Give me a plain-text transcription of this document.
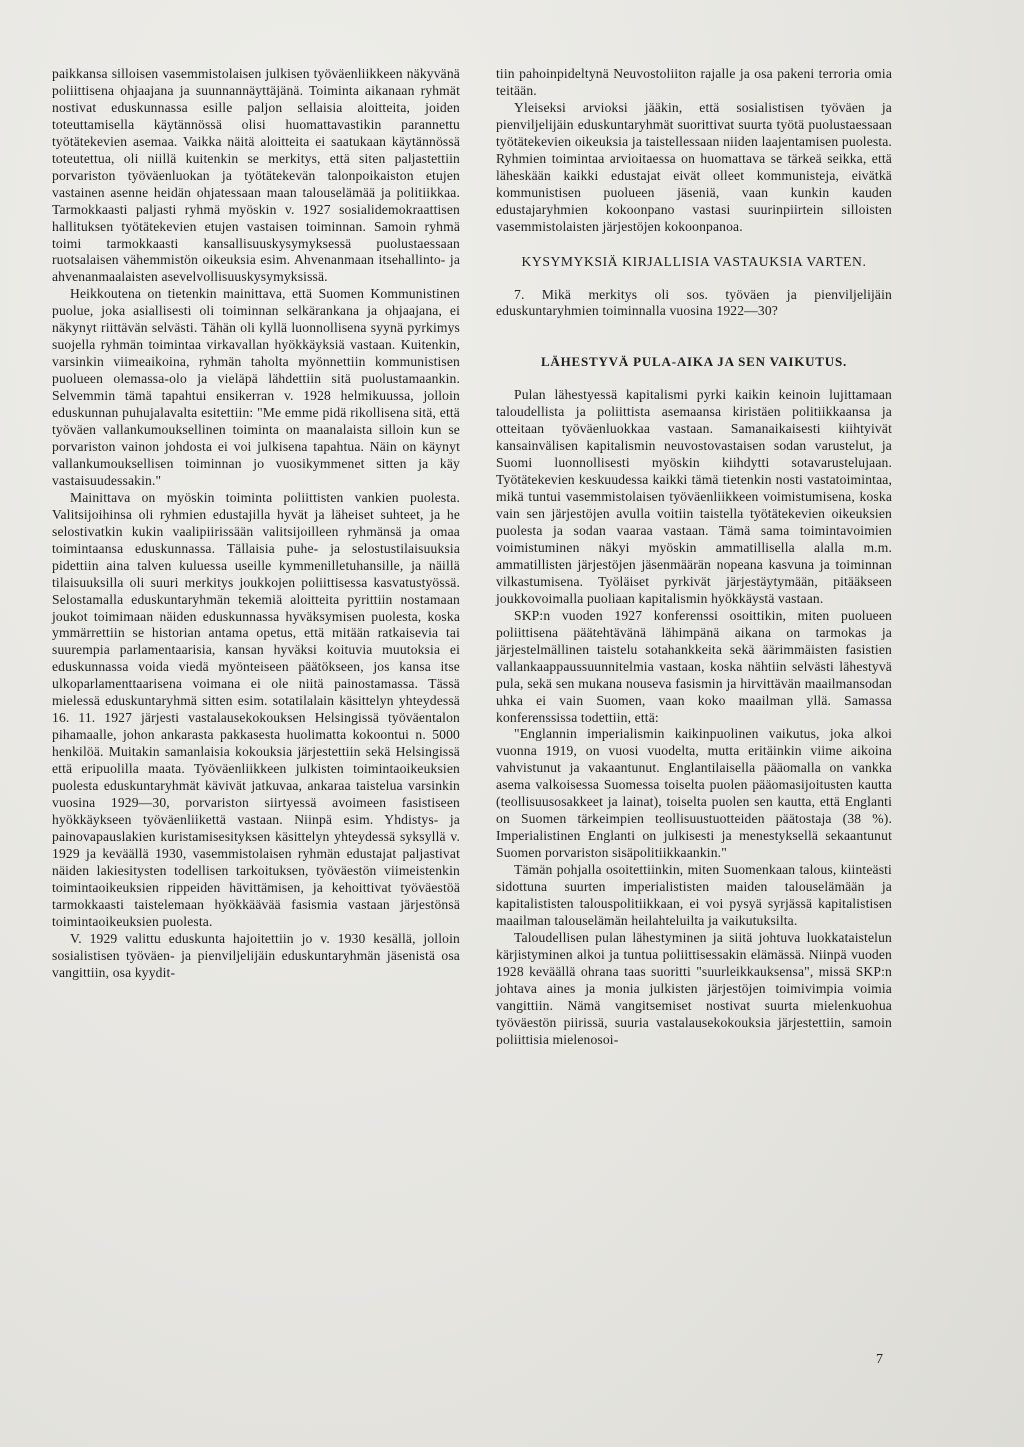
paikkansa silloisen vasemmistolaisen julkisen työväenliikkeen näkyvänä poliittisena ohjaajana ja suunnannäyttäjänä. Toiminta aikanaan ryhmät nostivat eduskunnassa esille paljon sellaisia aloitteita, joiden toteuttamisella käytännössä olisi huomattavastikin parannettu työtätekevien asemaa. Vaikka näitä aloitteita ei saatukaan käytännössä toteutettua, oli niillä kuitenkin se merkitys, että siten paljastettiin porvariston työväenluokan ja työtätekevän talonpoikaiston etujen vastainen asenne heidän ohjatessaan maan talouselämää ja politiikkaa. Tarmokkaasti paljasti ryhmä myöskin v. 1927 sosialidemokraattisen hallituksen työtätekevien etujen vastaisen toiminnan. Samoin ryhmä toimi tarmokkaasti kansallisuuskysymyksessä puolustaessaan ruotsalaisen vähemmistön oikeuksia esim. Ahvenanmaan itsehallinto- ja ahvenanmaalaisten asevelvollisuuskysymyksissä.

Heikkoutena on tietenkin mainittava, että Suomen Kommunistinen puolue, joka asiallisesti oli toiminnan selkärankana ja ohjaajana, ei näkynyt riittävän selvästi. Tähän oli kyllä luonnollisena syynä pyrkimys suojella ryhmän toimintaa virkavallan hyökkäyksiä vastaan. Kuitenkin, varsinkin viimeaikoina, ryhmän taholta myönnettiin kommunistisen puolueen olemassa-olo ja vieläpä lähdettiin sitä puolustamaankin. Selvemmin tämä tapahtui ensikerran v. 1928 helmikuussa, jolloin eduskunnan puhujalavalta esitettiin: "Me emme pidä rikollisena sitä, että työväen vallankumouksellinen toiminta on maanalaista silloin kun se porvariston vainon johdosta ei voi julkisena tapahtua. Näin on käynyt vallankumouksellisen toiminnan jo vuosikymmenet sitten ja käy vastaisuudessakin."

Mainittava on myöskin toiminta poliittisten vankien puolesta. Valitsijoihinsa oli ryhmien edustajilla hyvät ja läheiset suhteet, ja he selostivatkin kukin vaalipiirissään valitsijoilleen ryhmänsä ja omaa toimintaansa eduskunnassa. Tällaisia puhe- ja selostustilaisuuksia pidettiin aina talven kuluessa useille kymmenilletuhansille, ja näillä tilaisuuksilla oli suuri merkitys joukkojen poliittisessa kasvatustyössä. Selostamalla eduskuntaryhmän tekemiä aloitteita pyrittiin nostamaan joukot toimimaan näiden eduskunnassa hyväksymisen puolesta, koska ymmärrettiin se historian antama opetus, että mitään ratkaisevia tai suurempia parlamentaarisia, kansan hyväksi koituvia muutoksia ei eduskunnassa voida viedä myönteiseen päätökseen, jos kansa itse ulkoparlamenttaarisena voimana ei ole niitä painostamassa. Tässä mielessä eduskuntaryhmä sitten esim. sotatilalain käsittelyn yhteydessä 16. 11. 1927 järjesti vastalausekokouksen Helsingissä työväentalon pihamaalle, johon ankarasta pakkasesta huolimatta kokoontui n. 5000 henkilöä. Muitakin samanlaisia kokouksia järjestettiin sekä Helsingissä että eripuolilla maata. Työväenliikkeen julkisten toimintaoikeuksien puolesta eduskuntaryhmät kävivät jatkuvaa, ankaraa taistelua varsinkin vuosina 1929—30, porvariston siirtyessä avoimeen fasistiseen hyökkäykseen työväenliikettä vastaan. Niinpä esim. Yhdistys- ja painovapauslakien kuristamisesityksen käsittelyn yhteydessä syksyllä v. 1929 ja keväällä 1930, vasemmistolaisen ryhmän edustajat paljastivat näiden lakiesitysten todellisen tarkoituksen, työväestön viimeistenkin toimintaoikeuksien rippeiden hävittämisen, ja kehoittivat työväestöä tarmokkaasti taistelemaan hyökkäävää fasismia vastaan järjestönsä toimintaoikeuksien puolesta.

V. 1929 valittu eduskunta hajoitettiin jo v. 1930 kesällä, jolloin sosialistisen työväen- ja pienviljelijäin eduskuntaryhmän jäsenistä osa vangittiin, osa kyydit-

tiin pahoinpideltynä Neuvostoliiton rajalle ja osa pakeni terroria omia teitään.

Yleiseksi arvioksi jääkin, että sosialistisen työväen ja pienviljelijäin eduskuntaryhmät suorittivat suurta työtä puolustaessaan työtätekevien oikeuksia ja taistellessaan niiden laajentamisen puolesta. Ryhmien toimintaa arvioitaessa on huomattava se tärkeä seikka, että läheskään kaikki edustajat eivät olleet kommunisteja, eivätkä kommunistisen puolueen jäseniä, vaan kunkin kauden edustajaryhmien kokoonpano vastasi suurinpiirtein silloisten vasemmistolaisten järjestöjen kokoonpanoa.

KYSYMYKSIÄ KIRJALLISIA VASTAUKSIA VARTEN.

7. Mikä merkitys oli sos. työväen ja pienviljelijäin eduskuntaryhmien toiminnalla vuosina 1922—30?

LÄHESTYVÄ PULA-AIKA JA SEN VAIKUTUS.

Pulan lähestyessä kapitalismi pyrki kaikin keinoin lujittamaan taloudellista ja poliittista asemaansa kiristäen politiikkaansa ja otteitaan työväenluokkaa vastaan. Samanaikaisesti kiihtyivät kansainvälisen kapitalismin neuvostovastaisen sodan varustelut, ja Suomi luonnollisesti myöskin kiihdytti sotavarustelujaan. Työtätekevien keskuudessa kaikki tämä tietenkin nosti vastatoimintaa, mikä tuntui vasemmistolaisen työväenliikkeen voimistumisena, koska vain sen järjestöjen avulla voitiin taistella työtätekevien oikeuksien puolesta ja sodan vaaraa vastaan. Tämä sama toimintavoimien voimistuminen näkyi myöskin ammatillisella alalla m.m. ammatillisten järjestöjen jäsenmäärän nopeana kasvuna ja toiminnan vilkastumisena. Työläiset pyrkivät järjestäytymään, pitääkseen joukkovoimalla puoliaan kapitalismin hyökkäystä vastaan.

SKP:n vuoden 1927 konferenssi osoittikin, miten puolueen poliittisena päätehtävänä lähimpänä aikana on tarmokas ja järjestelmällinen taistelu sotahankkeita sekä äärimmäisten fasistien vallankaappaussuunnitelmia vastaan, koska nähtiin selvästi lähestyvä pula, sekä sen mukana nouseva fasismin ja hirvittävän maailmansodan uhka ei vain Suomen, vaan koko maailman yllä. Samassa konferenssissa todettiin, että:

"Englannin imperialismin kaikinpuolinen vaikutus, joka alkoi vuonna 1919, on vuosi vuodelta, mutta eritäinkin viime aikoina vahvistunut ja vakaantunut. Englantilaisella pääomalla on vankka asema valkoisessa Suomessa toiselta puolen pääomasijoitusten kautta (teollisuusosakkeet ja lainat), toiselta puolen sen kautta, että Englanti on Suomen tärkeimpien teollisuustuotteiden päätostaja (38 %). Imperialistinen Englanti on julkisesti ja menestyksellä sekaantunut Suomen porvariston sisäpolitiikkaankin."

Tämän pohjalla osoitettiinkin, miten Suomenkaan talous, kiinteästi sidottuna suurten imperialististen maiden talouselämään ja kapitalististen talouspolitiikkaan, ei voi pysyä syrjässä kapitalistisen maailman talouselämän heilahteluilta ja vaikutuksilta.

Taloudellisen pulan lähestyminen ja siitä johtuva luokkataistelun kärjistyminen alkoi ja tuntua poliittisessakin elämässä. Niinpä vuoden 1928 keväällä ohrana taas suoritti "suurleikkauksensa", missä SKP:n johtava aines ja monia julkisten järjestöjen toimivimpia voimia vangittiin. Nämä vangitsemiset nostivat suurta mielenkuohua työväestön piirissä, suuria vastalausekokouksia järjestettiin, samoin poliittisia mielenosoi-

7
